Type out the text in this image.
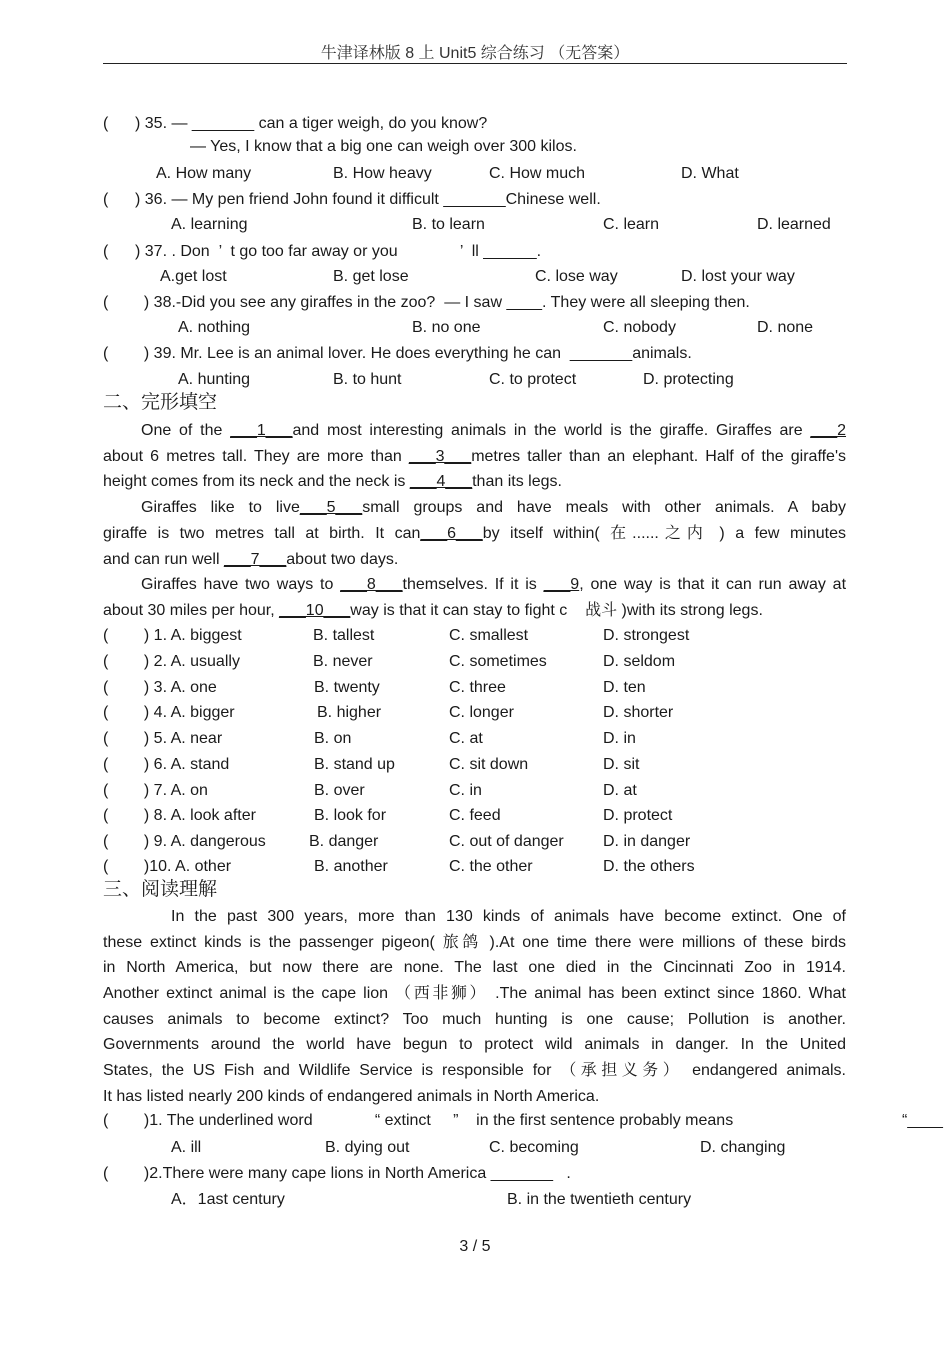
牛津译林版 8 上 Unit5 综合练习 （无答案）
(      ) 35. — _______ can a tiger weigh, do you know?
— Yes, I know that a big one can weigh over 300 kilos.
A. How many	B. How heavy	C. How much	D. What
(      ) 36. — My pen friend John found it difficult _______Chinese well.
A. learning	B. to learn	C. learn	D. learned
(      ) 37. . Don  ’  t go too far away or you              ’  ll ______.
A.get lost	B. get lose	C. lose way	D. lost your way
(        ) 38.-Did you see any giraffes in the zoo?  — I saw ____. They were all sleeping then.
A. nothing	B. no one	C. nobody	D. none
(        ) 39. Mr. Lee is an animal lover. He does everything he can  _______animals.
A. hunting	B. to hunt	C. to protect	D. protecting
二、完形填空
One of the ___1___and most interesting animals in the world is the giraffe. Giraffes are ___2
about 6 metres tall. They are more than ___3___metres taller than an elephant. Half of the giraffe's
height comes from its neck and the neck is ___4___than its legs.
Giraffes like to live___5___small groups and have meals with other animals. A baby
giraffe is two metres tall at birth. It can___6___by itself within( 在......之内 ) a few minutes
and can run well ___7___about two days.
Giraffes have two ways to ___8___themselves. If it is ___9, one way is that it can run away at
about 30 miles per hour, ___10___way is that it can stay to fight c    战斗 )with its strong legs.
(        ) 1. A. biggest	B. tallest	C. smallest	D. strongest
(        ) 2. A. usually	B. never	C. sometimes	D. seldom
(        ) 3. A. one	B. twenty	C. three	D. ten
(        ) 4. A. bigger	B. higher	C. longer	D. shorter
(        ) 5. A. near	B. on	C. at	D. in
(        ) 6. A. stand	B. stand up	C. sit down	D. sit
(        ) 7. A. on	B. over	C. in	D. at
(        ) 8. A. look after	B. look for	C. feed	D. protect
(        ) 9. A. dangerous	B. danger	C. out of danger D. in danger
(        )10. A. other	B. another	C. the other	D. the others
三、阅读理解
In the past 300 years, more than 130 kinds of animals have become extinct. One of
these extinct kinds is the passenger pigeon( 旅鸽 ).At one time there were millions of these birds
in North America, but now there are none. The last one died in the Cincinnati Zoo in 1914.
Another extinct animal is the cape lion （西非狮） .The animal has been extinct since 1860. What
causes animals to become extinct? Too much hunting is one cause; Pollution is another.
Governments around the world have begun to protect wild animals in danger. In the United
States, the US Fish and Wildlife Service is responsible for （承担义务） endangered animals.
It has listed nearly 200 kinds of endangered animals in North America.
(        )1. The underlined word              “ extinct     ”    in the first sentence probably means	“____
A. ill	B. dying out	C. becoming	D. changing
(        )2.There were many cape lions in North America _______   .
A．1ast century	B. in the twentieth century
3 / 5
